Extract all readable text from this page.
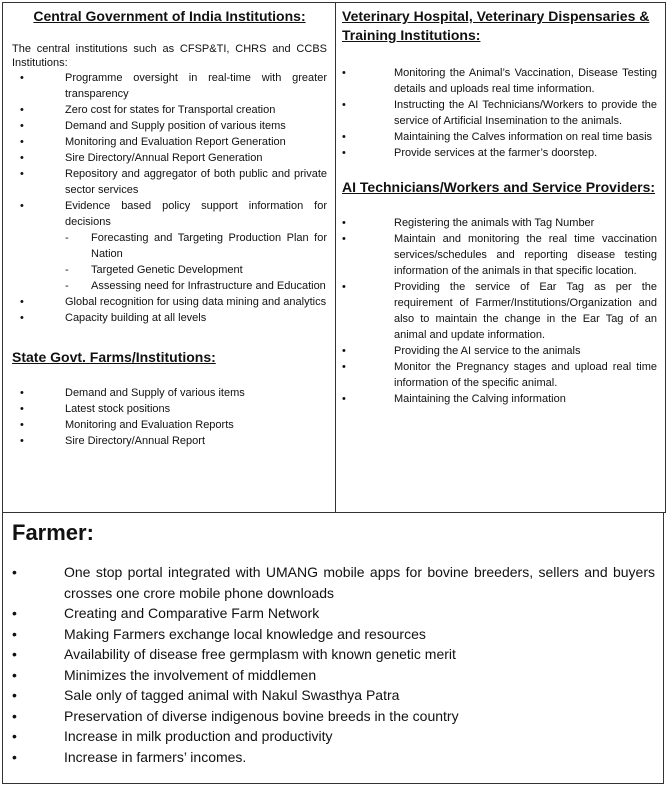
Central Government of India Institutions:

The central institutions such as CFSP&TI, CHRS and CCBS Institutions:

•	Programme oversight in real-time with greater transparency
•	Zero cost for states for Transportal creation
•	Demand and Supply position of various items
•	Monitoring and Evaluation Report Generation
•	Sire Directory/Annual Report Generation
•	Repository and aggregator of both public and private sector services
•	Evidence based policy support information for decisions
- Forecasting and Targeting Production Plan for Nation
- Targeted Genetic Development
- Assessing need for Infrastructure and Education
•	Global recognition for using data mining and analytics
•	Capacity building at all levels
State Govt. Farms/Institutions:
•	Demand and Supply of various items
•	Latest stock positions
•	Monitoring and Evaluation Reports
•	Sire Directory/Annual Report
Veterinary Hospital, Veterinary Dispensaries & Training Institutions:
•	Monitoring the Animal’s Vaccination, Disease Testing details and uploads real time information.
•	Instructing the AI Technicians/Workers to provide the service of Artificial Insemination to the animals.
•	Maintaining the Calves information on real time basis
•	Provide services at the farmer’s doorstep.
AI Technicians/Workers and Service Providers:
•	Registering the animals with Tag Number
•	Maintain and monitoring the real time vaccination services/schedules and reporting disease testing information of the animals in that specific location.
•	Providing the service of Ear Tag as per the requirement of Farmer/Institutions/Organization and also to maintain the change in the Ear Tag of an animal and update information.
•	Providing the AI service to the animals
•	Monitor the Pregnancy stages and upload real time information of the specific animal.
•	Maintaining the Calving information
Farmer:
•	One stop portal integrated with UMANG mobile apps for bovine breeders, sellers and buyers crosses one crore mobile phone downloads
•	Creating and Comparative Farm Network
•	Making Farmers exchange local knowledge and resources
•	Availability of disease free germplasm with known genetic merit
•	Minimizes the involvement of middlemen
•	Sale only of tagged animal with Nakul Swasthya Patra
•	Preservation of diverse indigenous bovine breeds in the country
•	Increase in milk production and productivity
•	Increase in farmers’ incomes.
